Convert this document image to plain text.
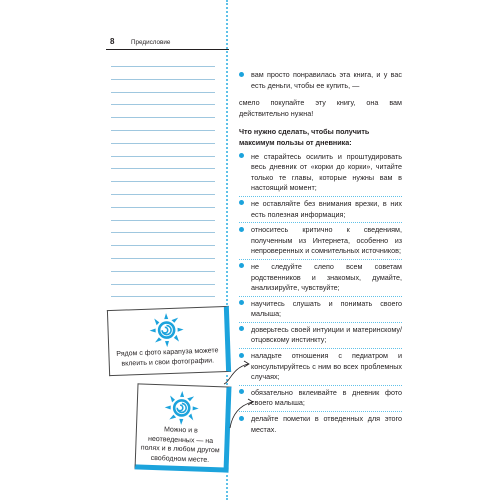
8	Предисловие
вам просто понравилась эта книга, и у вас есть деньги, чтобы ее купить, —
смело покупайте эту книгу, она вам действительно нужна!
Что нужно сделать, чтобы получить максимум пользы от дневника:
не старайтесь осилить и проштудировать весь дневник от «корки до корки», читайте только те главы, которые нужны вам в настоящий момент;
не оставляйте без внимания врезки, в них есть полезная информация;
относитесь критично к сведениям, полученным из Интернета, особенно из непроверенных и сомнительных источников;
не следуйте слепо всем советам родственников и знакомых, думайте, анализируйте, чувствуйте;
научитесь слушать и понимать своего малыша;
доверьтесь своей интуиции и материнскому/отцовскому инстинкту;
наладьте отношения с педиатром и консультируйтесь с ним во всех проблемных случаях;
обязательно вклеивайте в дневник фото своего малыша;
делайте пометки в отведенных для этого местах.
Рядом с фото карапуза можете вклеить и свои фотографии.
Можно и в неотведенных — на полях и в любом другом свободном месте.
